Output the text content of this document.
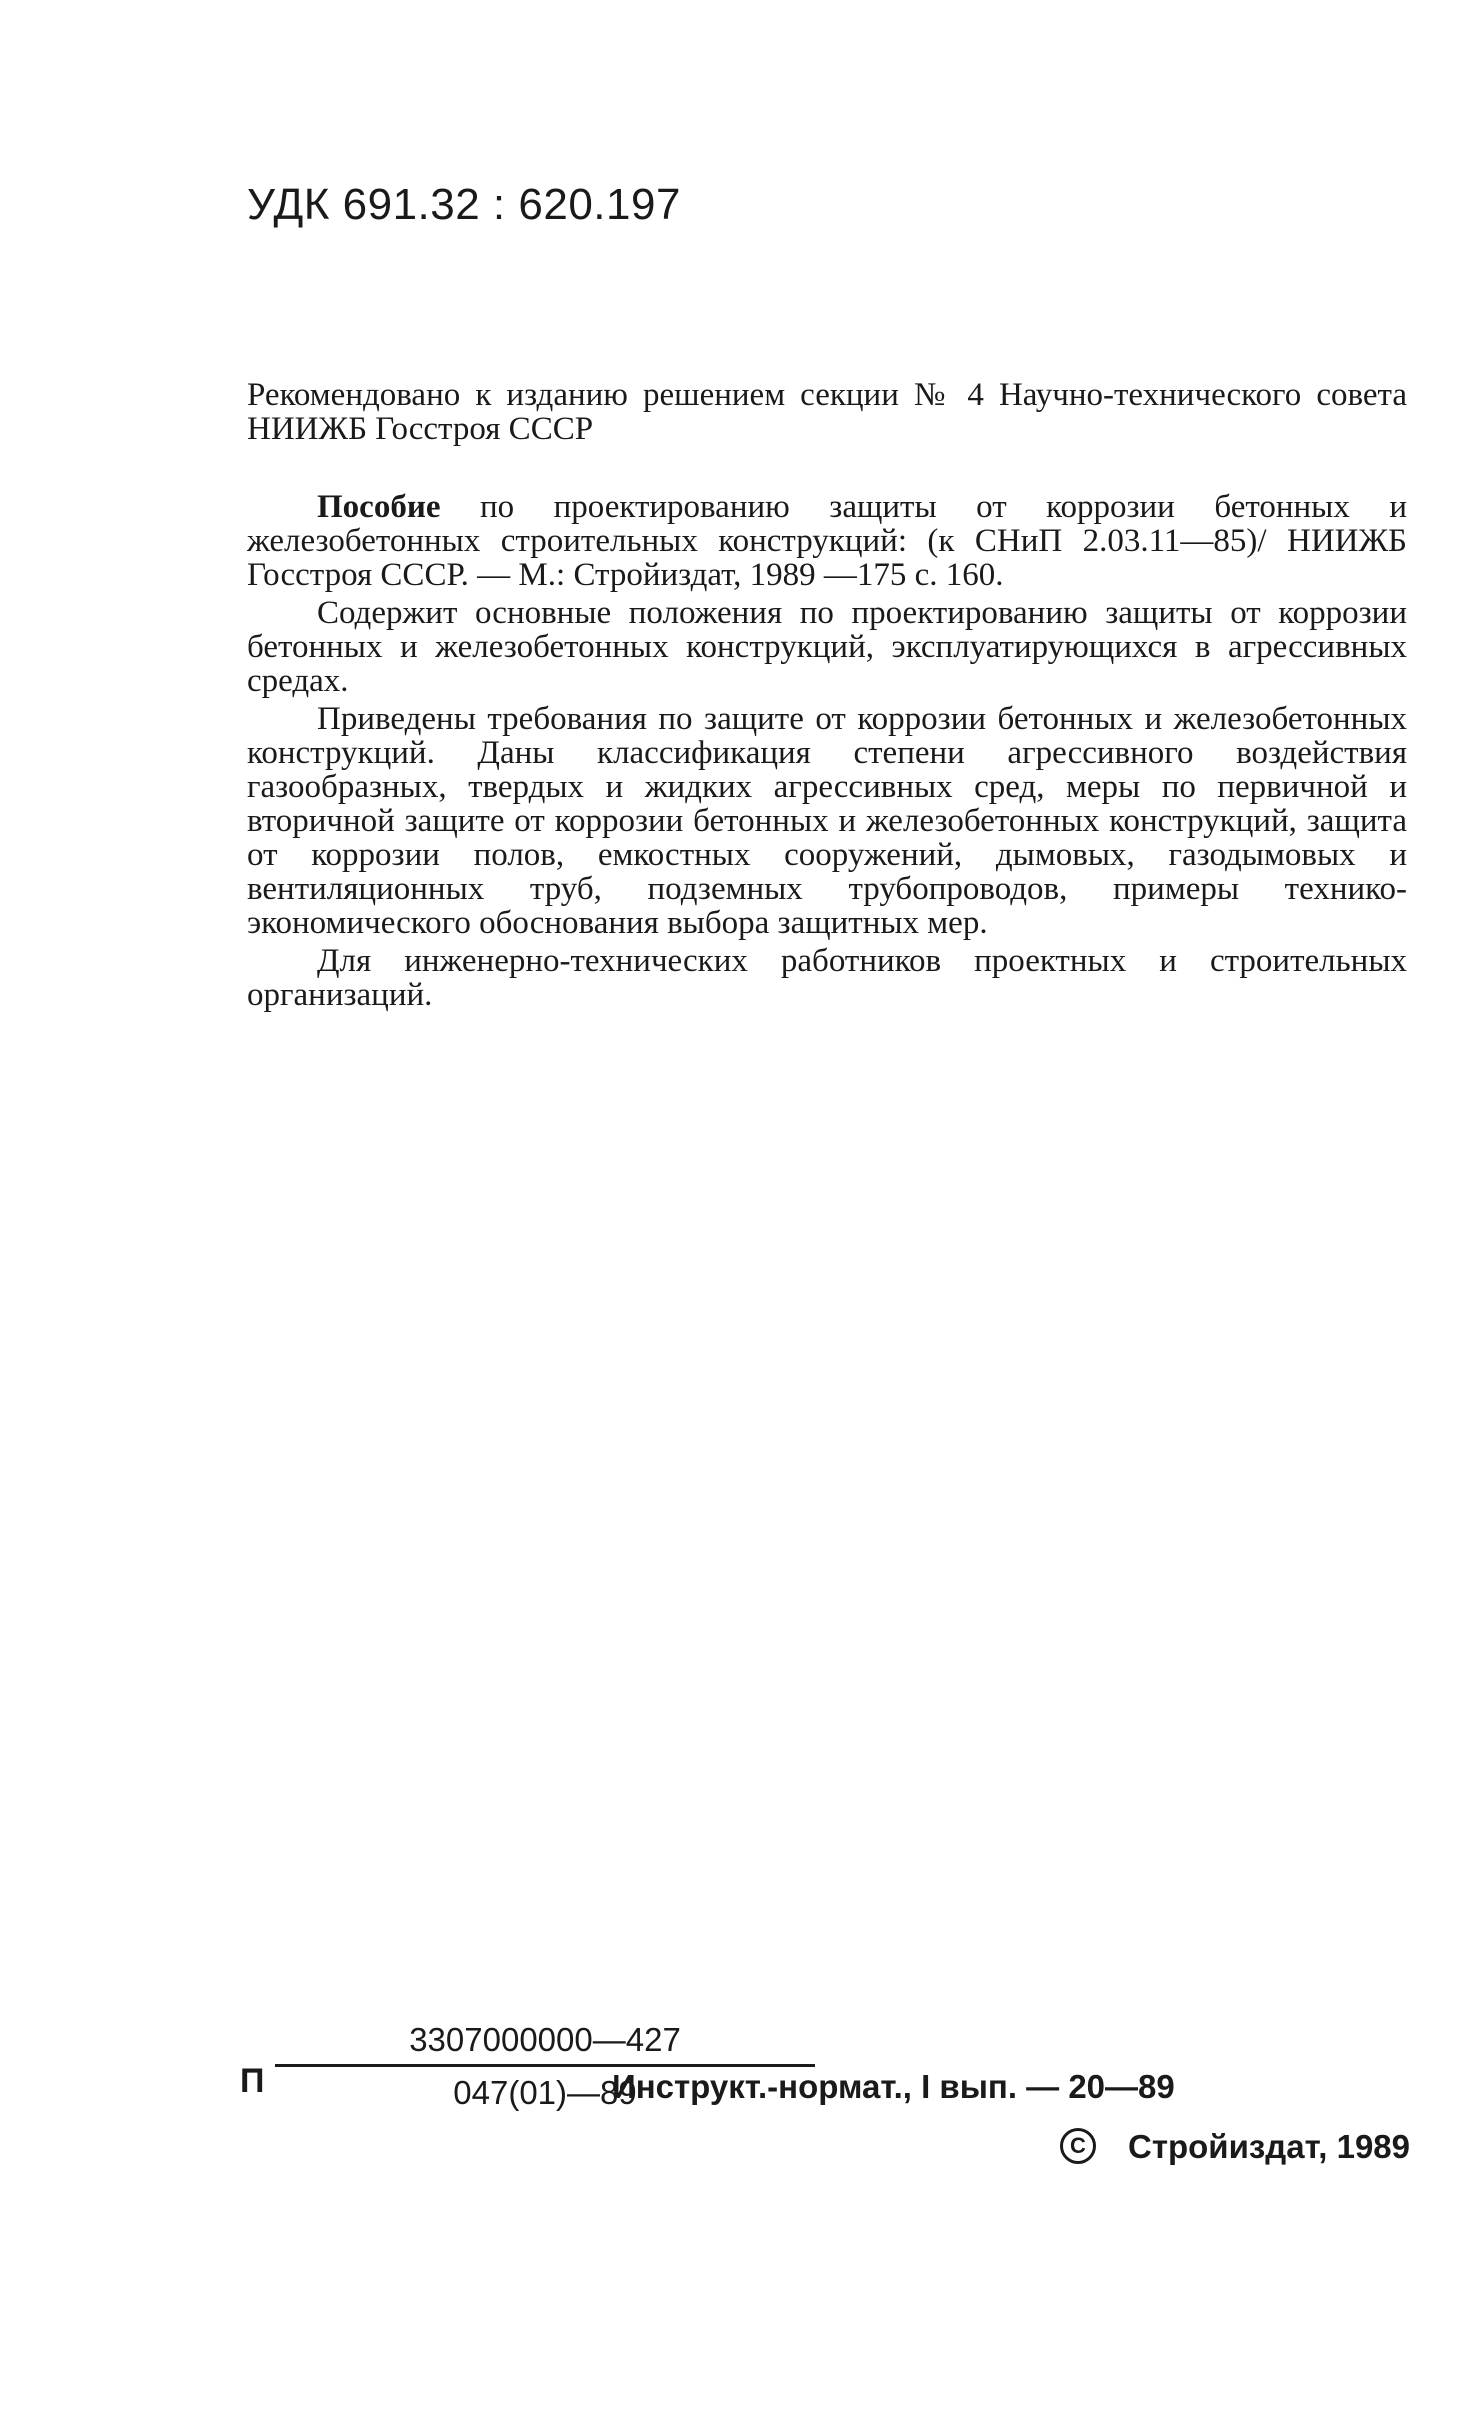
УДК 691.32 : 620.197

Рекомендовано к изданию решением секции № 4 Научно-технического совета НИИЖБ Госстроя СССР

Пособие по проектированию защиты от коррозии бетонных и железобетонных строительных конструкций: (к СНиП 2.03.11—85)/ НИИЖБ Госстроя СССР. — М.: Стройиздат, 1989 —175 с. 160.

Содержит основные положения по проектированию защиты от коррозии бетонных и железобетонных конструкций, эксплуатирующихся в агрессивных средах.

Приведены требования по защите от коррозии бетонных и железобетонных конструкций. Даны классификация степени агрессивного воздействия газообразных, твердых и жидких агрессивных сред, меры по первичной и вторичной защите от коррозии бетонных и железобетонных конструкций, защита от коррозии полов, емкостных сооружений, дымовых, газодымовых и вентиляционных труб, подземных трубопроводов, примеры технико-экономического обоснования выбора защитных мер.

Для инженерно-технических работников проектных и строительных организаций.

П $\frac{3307000000—427}{047(01)—89}$
Инструкт.-нормат., I вып. — 20—89
C Стройиздат, 1989
